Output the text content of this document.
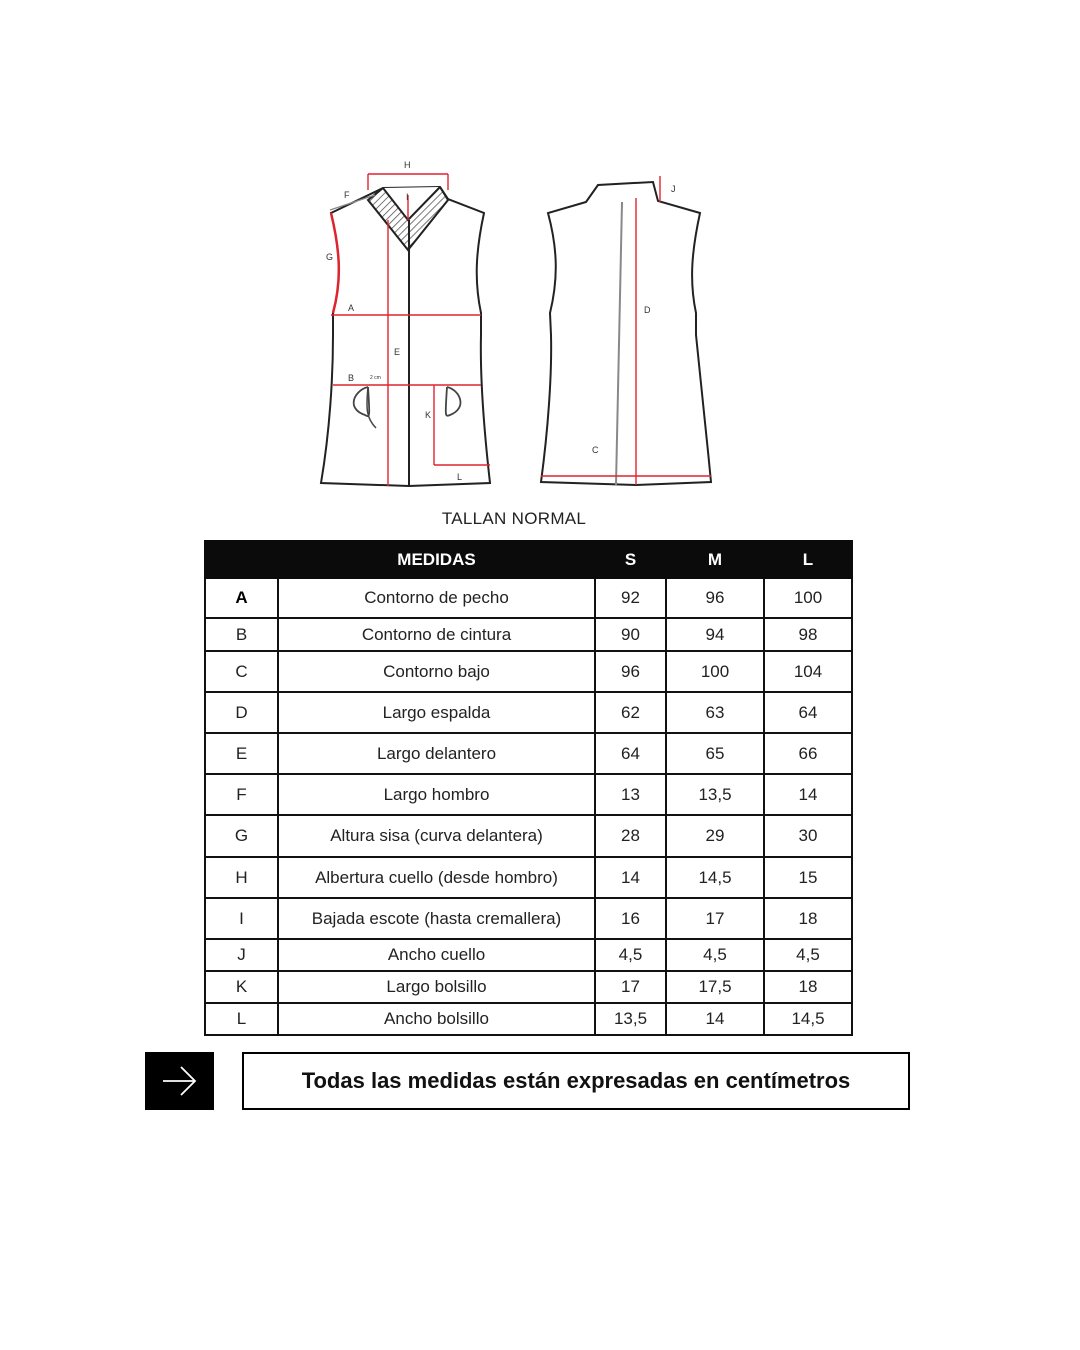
H
F	I
G
A
E
B	2 cm
K
L
J
D
C
TALLAN NORMAL
	MEDIDAS	S	M	L
A	Contorno de pecho	92	96	100
B	Contorno de cintura	90	94	98
C	Contorno bajo	96	100	104
D	Largo espalda	62	63	64
E	Largo delantero	64	65	66
F	Largo hombro	13	13,5	14
G	Altura sisa (curva delantera)	28	29	30
H	Albertura cuello (desde hombro)	14	14,5	15
I	Bajada escote (hasta cremallera)	16	17	18
J	Ancho cuello	4,5	4,5	4,5
K	Largo bolsillo	17	17,5	18
L	Ancho bolsillo	13,5	14	14,5
Todas las medidas están expresadas en centímetros
